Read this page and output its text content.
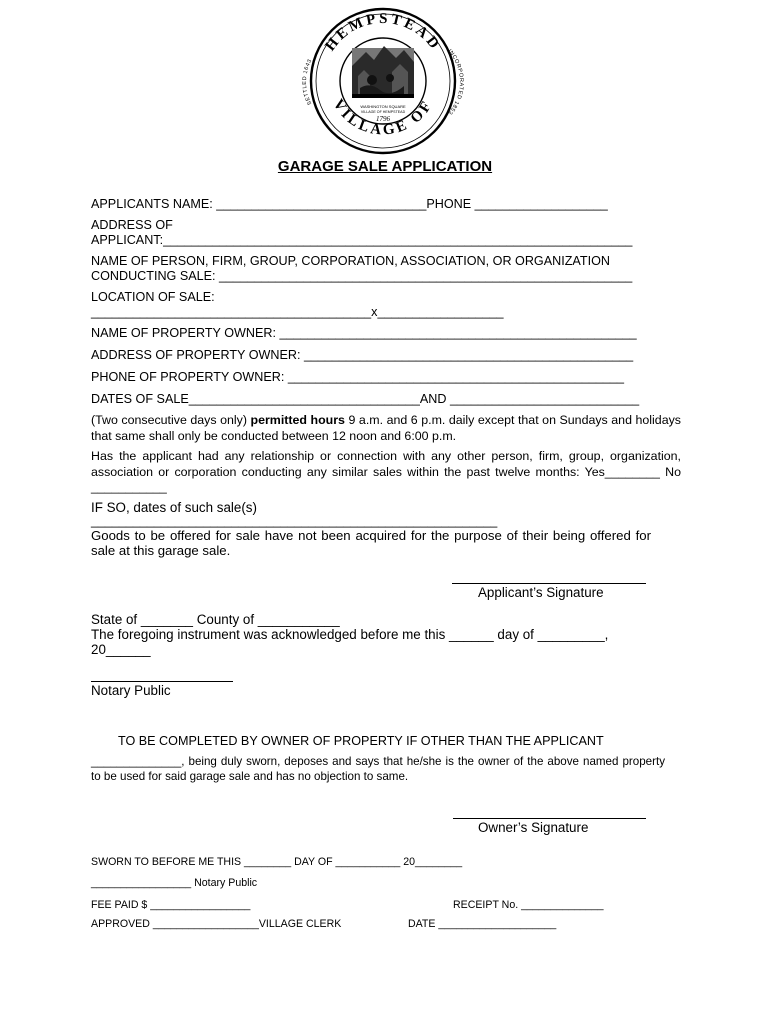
HEMPSTEAD
VILLAGE OF
SETTLED 1643
INCORPORATED 1853
WASHINGTON SQUARE
VILLAGE OF HEMPSTEAD
1796
GARAGE SALE APPLICATION
APPLICANTS NAME: ______________________________PHONE ___________________
ADDRESS OF
APPLICANT:___________________________________________________________________
NAME OF PERSON, FIRM, GROUP, CORPORATION, ASSOCIATION, OR ORGANIZATION
CONDUCTING SALE: ___________________________________________________________
LOCATION OF SALE:
________________________________________x__________________
NAME OF PROPERTY OWNER: ___________________________________________________
ADDRESS OF PROPERTY OWNER: _______________________________________________
PHONE OF PROPERTY OWNER: ________________________________________________
DATES OF SALE_________________________________AND ___________________________
(Two consecutive days only) permitted hours 9 a.m. and 6 p.m. daily except that on Sundays and holidays that same shall only be conducted between 12 noon and 6:00 p.m.
Has the applicant had any relationship or connection with any other person, firm, group, organization, association or corporation conducting any similar sales within the past twelve months: Yes________ No ___________
IF SO, dates of such sale(s)
__________________________________________________________
Goods to be offered for sale have not been acquired for the purpose of their being offered for sale at this garage sale.
Applicant’s Signature
State of _______ County of ___________
The foregoing instrument was acknowledged before me this ______ day of _________,
20______
Notary Public
TO BE COMPLETED BY OWNER OF PROPERTY IF OTHER THAN THE APPLICANT
______________, being duly sworn, deposes and says that he/she is the owner of the above named property to be used for said garage sale and has no objection to same.
Owner’s Signature
SWORN TO BEFORE ME THIS ________ DAY OF ___________ 20________
_________________ Notary Public
FEE PAID $ _________________	RECEIPT No. ______________
APPROVED __________________VILLAGE CLERK	DATE ____________________
